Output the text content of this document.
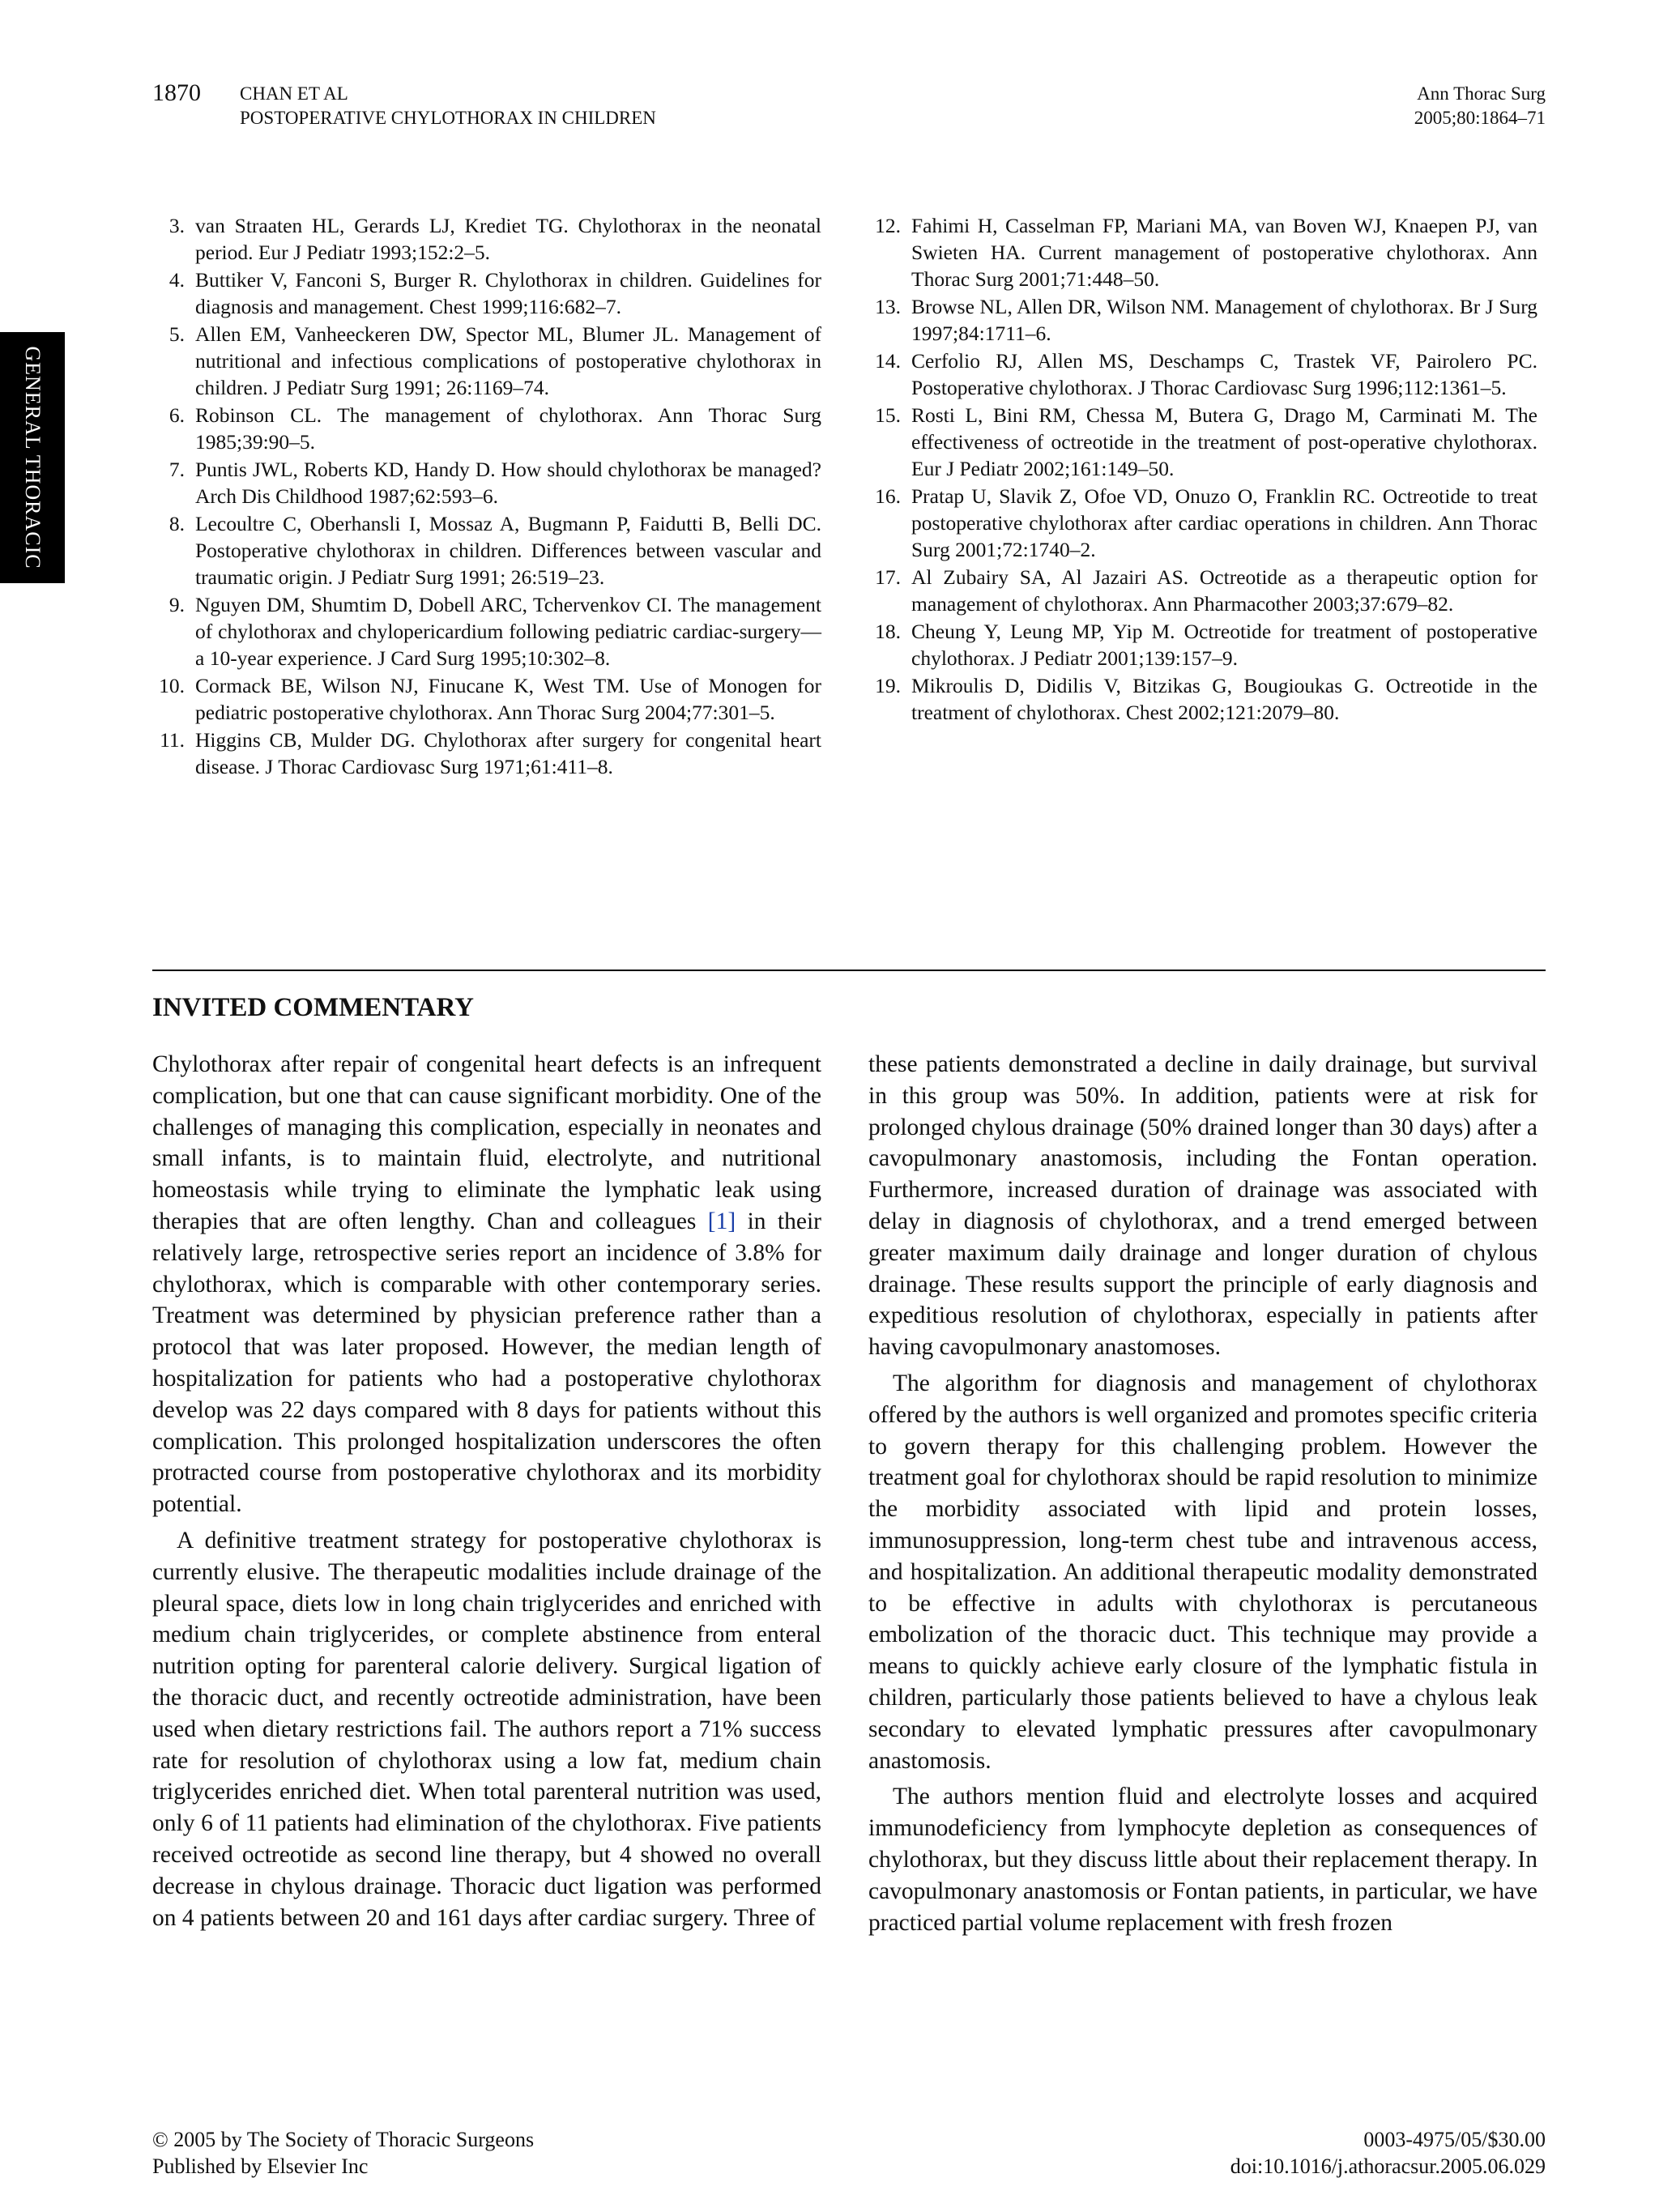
1870 CHAN ET AL
POSTOPERATIVE CHYLOTHORAX IN CHILDREN
Ann Thorac Surg
2005;80:1864–71
GENERAL THORACIC
3. van Straaten HL, Gerards LJ, Krediet TG. Chylothorax in the neonatal period. Eur J Pediatr 1993;152:2–5.
4. Buttiker V, Fanconi S, Burger R. Chylothorax in children. Guidelines for diagnosis and management. Chest 1999;116:682–7.
5. Allen EM, Vanheeckeren DW, Spector ML, Blumer JL. Management of nutritional and infectious complications of postoperative chylothorax in children. J Pediatr Surg 1991; 26:1169–74.
6. Robinson CL. The management of chylothorax. Ann Thorac Surg 1985;39:90–5.
7. Puntis JWL, Roberts KD, Handy D. How should chylothorax be managed? Arch Dis Childhood 1987;62:593–6.
8. Lecoultre C, Oberhansli I, Mossaz A, Bugmann P, Faidutti B, Belli DC. Postoperative chylothorax in children. Differences between vascular and traumatic origin. J Pediatr Surg 1991; 26:519–23.
9. Nguyen DM, Shumtim D, Dobell ARC, Tchervenkov CI. The management of chylothorax and chylopericardium following pediatric cardiac-surgery—a 10-year experience. J Card Surg 1995;10:302–8.
10. Cormack BE, Wilson NJ, Finucane K, West TM. Use of Monogen for pediatric postoperative chylothorax. Ann Thorac Surg 2004;77:301–5.
11. Higgins CB, Mulder DG. Chylothorax after surgery for congenital heart disease. J Thorac Cardiovasc Surg 1971;61:411–8.
12. Fahimi H, Casselman FP, Mariani MA, van Boven WJ, Knaepen PJ, van Swieten HA. Current management of postoperative chylothorax. Ann Thorac Surg 2001;71:448–50.
13. Browse NL, Allen DR, Wilson NM. Management of chylothorax. Br J Surg 1997;84:1711–6.
14. Cerfolio RJ, Allen MS, Deschamps C, Trastek VF, Pairolero PC. Postoperative chylothorax. J Thorac Cardiovasc Surg 1996;112:1361–5.
15. Rosti L, Bini RM, Chessa M, Butera G, Drago M, Carminati M. The effectiveness of octreotide in the treatment of post-operative chylothorax. Eur J Pediatr 2002;161:149–50.
16. Pratap U, Slavik Z, Ofoe VD, Onuzo O, Franklin RC. Octreotide to treat postoperative chylothorax after cardiac operations in children. Ann Thorac Surg 2001;72:1740–2.
17. Al Zubairy SA, Al Jazairi AS. Octreotide as a therapeutic option for management of chylothorax. Ann Pharmacother 2003;37:679–82.
18. Cheung Y, Leung MP, Yip M. Octreotide for treatment of postoperative chylothorax. J Pediatr 2001;139:157–9.
19. Mikroulis D, Didilis V, Bitzikas G, Bougioukas G. Octreotide in the treatment of chylothorax. Chest 2002;121:2079–80.
INVITED COMMENTARY

Chylothorax after repair of congenital heart defects is an infrequent complication, but one that can cause significant morbidity. One of the challenges of managing this complication, especially in neonates and small infants, is to maintain fluid, electrolyte, and nutritional homeostasis while trying to eliminate the lymphatic leak using therapies that are often lengthy. Chan and colleagues [1] in their relatively large, retrospective series report an incidence of 3.8% for chylothorax, which is comparable with other contemporary series. Treatment was determined by physician preference rather than a protocol that was later proposed. However, the median length of hospitalization for patients who had a postoperative chylothorax develop was 22 days compared with 8 days for patients without this complication. This prolonged hospitalization underscores the often protracted course from postoperative chylothorax and its morbidity potential.

A definitive treatment strategy for postoperative chylothorax is currently elusive. The therapeutic modalities include drainage of the pleural space, diets low in long chain triglycerides and enriched with medium chain triglycerides, or complete abstinence from enteral nutrition opting for parenteral calorie delivery. Surgical ligation of the thoracic duct, and recently octreotide administration, have been used when dietary restrictions fail. The authors report a 71% success rate for resolution of chylothorax using a low fat, medium chain triglycerides enriched diet. When total parenteral nutrition was used, only 6 of 11 patients had elimination of the chylothorax. Five patients received octreotide as second line therapy, but 4 showed no overall decrease in chylous drainage. Thoracic duct ligation was performed on 4 patients between 20 and 161 days after cardiac surgery. Three of

these patients demonstrated a decline in daily drainage, but survival in this group was 50%. In addition, patients were at risk for prolonged chylous drainage (50% drained longer than 30 days) after a cavopulmonary anastomosis, including the Fontan operation. Furthermore, increased duration of drainage was associated with delay in diagnosis of chylothorax, and a trend emerged between greater maximum daily drainage and longer duration of chylous drainage. These results support the principle of early diagnosis and expeditious resolution of chylothorax, especially in patients after having cavopulmonary anastomoses.

The algorithm for diagnosis and management of chylothorax offered by the authors is well organized and promotes specific criteria to govern therapy for this challenging problem. However the treatment goal for chylothorax should be rapid resolution to minimize the morbidity associated with lipid and protein losses, immunosuppression, long-term chest tube and intravenous access, and hospitalization. An additional therapeutic modality demonstrated to be effective in adults with chylothorax is percutaneous embolization of the thoracic duct. This technique may provide a means to quickly achieve early closure of the lymphatic fistula in children, particularly those patients believed to have a chylous leak secondary to elevated lymphatic pressures after cavopulmonary anastomosis.

The authors mention fluid and electrolyte losses and acquired immunodeficiency from lymphocyte depletion as consequences of chylothorax, but they discuss little about their replacement therapy. In cavopulmonary anastomosis or Fontan patients, in particular, we have practiced partial volume replacement with fresh frozen

© 2005 by The Society of Thoracic Surgeons
Published by Elsevier Inc
0003-4975/05/$30.00
doi:10.1016/j.athoracsur.2005.06.029
